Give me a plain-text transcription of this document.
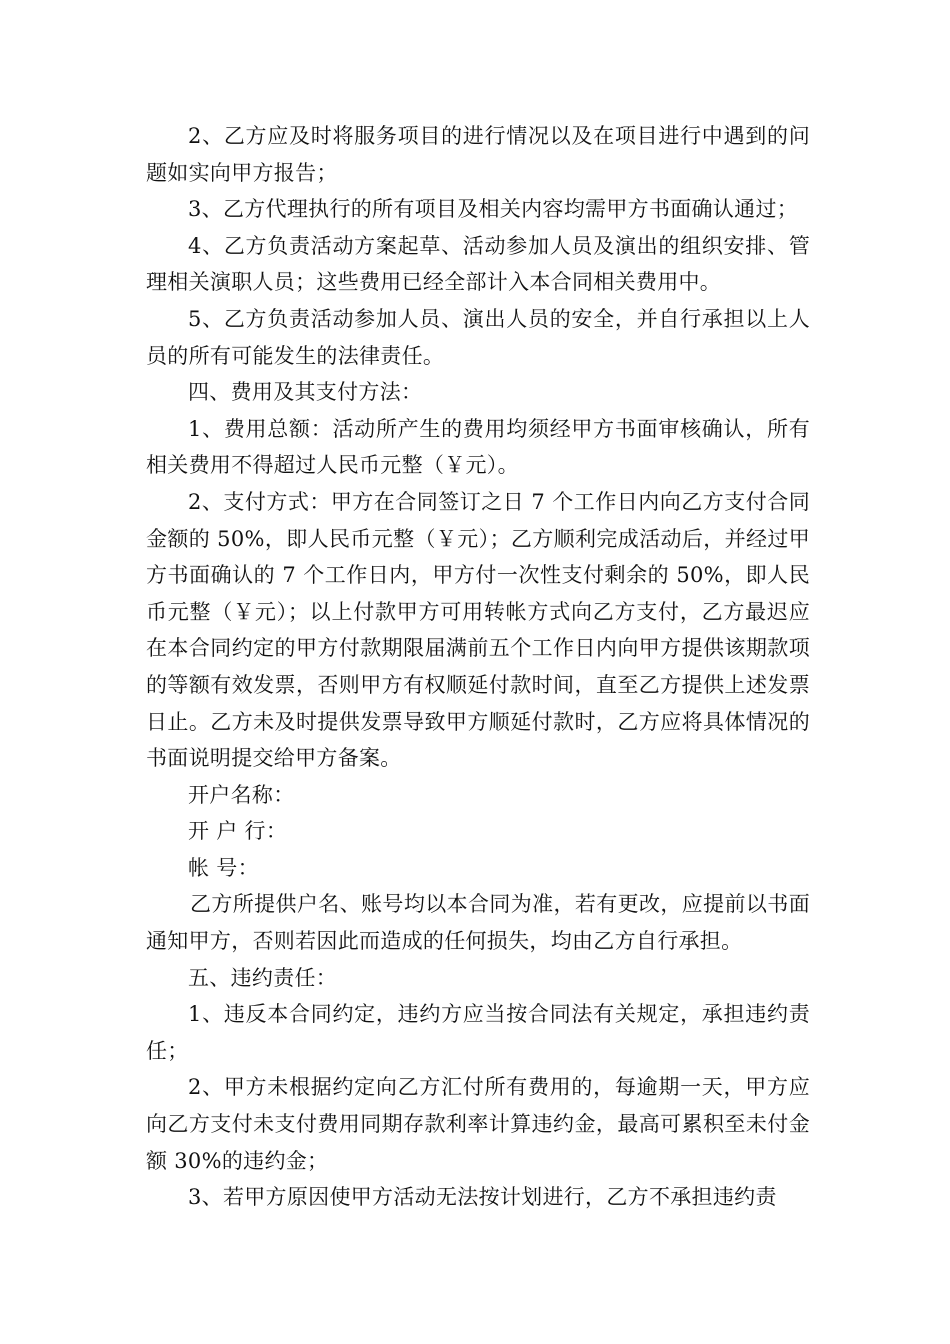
2、乙方应及时将服务项目的进行情况以及在项目进行中遇到的问题如实向甲方报告；

3、乙方代理执行的所有项目及相关内容均需甲方书面确认通过；

4、乙方负责活动方案起草、活动参加人员及演出的组织安排、管理相关演职人员；这些费用已经全部计入本合同相关费用中。

5、乙方负责活动参加人员、演出人员的安全，并自行承担以上人员的所有可能发生的法律责任。

四、费用及其支付方法：

1、费用总额：活动所产生的费用均须经甲方书面审核确认，所有相关费用不得超过人民币元整（￥元）。

2、支付方式：甲方在合同签订之日 7 个工作日内向乙方支付合同金额的 50%，即人民币元整（￥元）；乙方顺利完成活动后，并经过甲方书面确认的 7 个工作日内，甲方付一次性支付剩余的 50%，即人民币元整（￥元）；以上付款甲方可用转帐方式向乙方支付，乙方最迟应在本合同约定的甲方付款期限届满前五个工作日内向甲方提供该期款项的等额有效发票，否则甲方有权顺延付款时间，直至乙方提供上述发票日止。乙方未及时提供发票导致甲方顺延付款时，乙方应将具体情况的书面说明提交给甲方备案。

开户名称：

开 户 行：

帐 号：

乙方所提供户名、账号均以本合同为准，若有更改，应提前以书面通知甲方，否则若因此而造成的任何损失，均由乙方自行承担。

五、违约责任：

1、违反本合同约定，违约方应当按合同法有关规定，承担违约责任；

2、甲方未根据约定向乙方汇付所有费用的，每逾期一天，甲方应向乙方支付未支付费用同期存款利率计算违约金，最高可累积至未付金额 30%的违约金；

3、若甲方原因使甲方活动无法按计划进行，乙方不承担违约责
